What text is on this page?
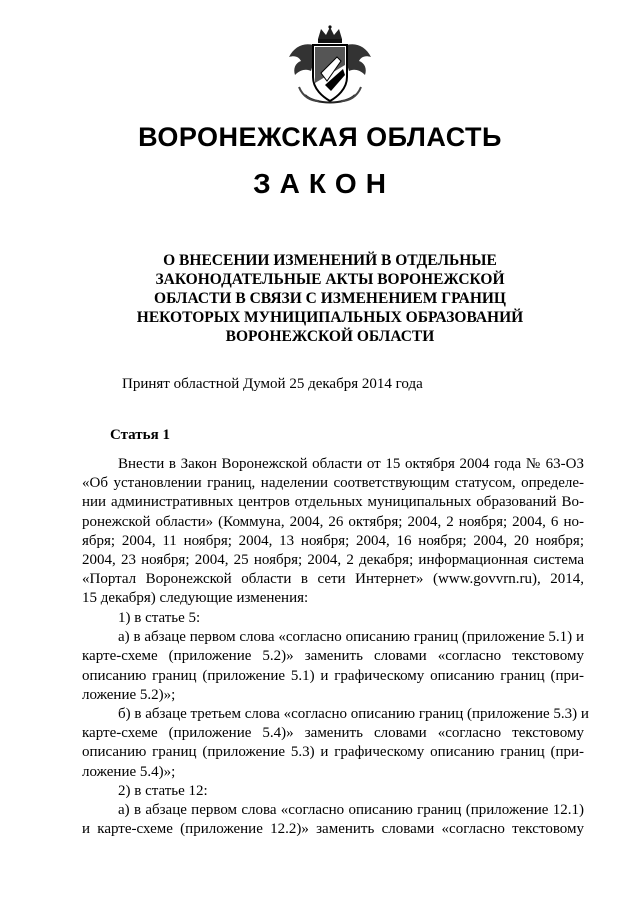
ВОРОНЕЖСКАЯ ОБЛАСТЬ
ЗАКОН
О ВНЕСЕНИИ ИЗМЕНЕНИЙ В ОТДЕЛЬНЫЕ ЗАКОНОДАТЕЛЬНЫЕ АКТЫ ВОРОНЕЖСКОЙ ОБЛАСТИ В СВЯЗИ С ИЗМЕНЕНИЕМ ГРАНИЦ НЕКОТОРЫХ МУНИЦИПАЛЬНЫХ ОБРАЗОВАНИЙ ВОРОНЕЖСКОЙ ОБЛАСТИ
Принят областной Думой 25 декабря 2014 года
Статья 1
Внести в Закон Воронежской области от 15 октября 2004 года № 63-ОЗ
«Об установлении границ, наделении соответствующим статусом, определе-
нии административных центров отдельных муниципальных образований Во-
ронежской области» (Коммуна, 2004, 26 октября; 2004, 2 ноября; 2004, 6 но-
ября; 2004, 11 ноября; 2004, 13 ноября; 2004, 16 ноября; 2004, 20 ноября;
2004, 23 ноября; 2004, 25 ноября; 2004, 2 декабря; информационная система
«Портал Воронежской области в сети Интернет» (www.govvrn.ru), 2014,
15 декабря) следующие изменения:
1) в статье 5:
а) в абзаце первом слова «согласно описанию границ (приложение 5.1) и
карте-схеме (приложение 5.2)» заменить словами «согласно текстовому
описанию границ (приложение 5.1) и графическому описанию границ (при-
ложение 5.2)»;
б) в абзаце третьем слова «согласно описанию границ (приложение 5.3) и
карте-схеме (приложение 5.4)» заменить словами «согласно текстовому
описанию границ (приложение 5.3) и графическому описанию границ (при-
ложение 5.4)»;
2) в статье 12:
а) в абзаце первом слова «согласно описанию границ (приложение 12.1)
и карте-схеме (приложение 12.2)» заменить словами «согласно текстовому
